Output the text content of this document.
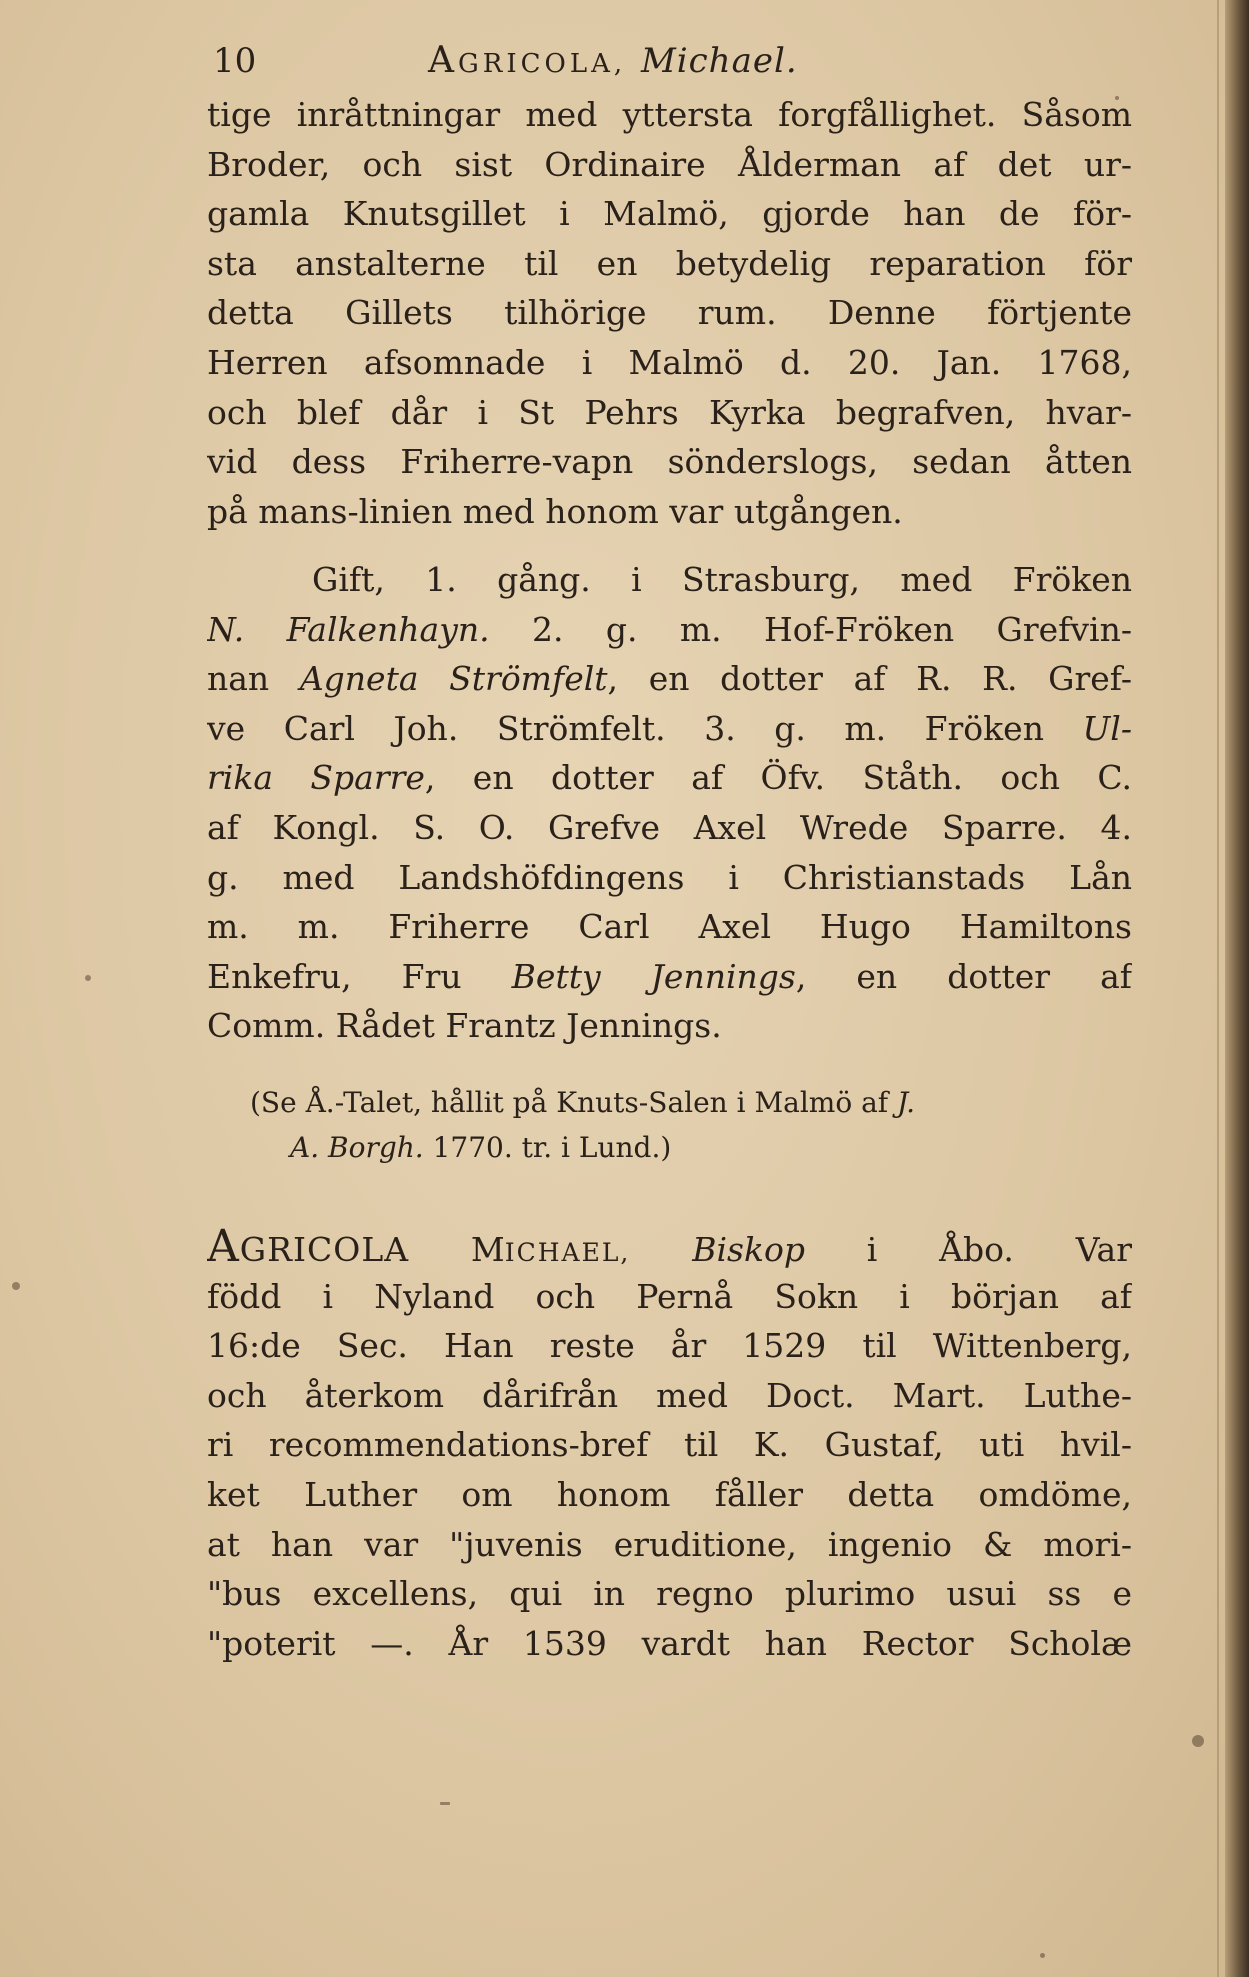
10	AGRICOLA, Michael.
tige inråttningar med yttersta forgfållighet. Såsom
Broder, och sist Ordinaire Ålderman af det ur-
gamla Knutsgillet i Malmö, gjorde han de för-
sta anstalterne til en betydelig reparation för
detta Gillets tilhörige rum. Denne förtjente
Herren afsomnade i Malmö d. 20. Jan. 1768,
och blef dår i St Pehrs Kyrka begrafven, hvar-
vid dess Friherre-vapn sönderslogs, sedan åtten
på mans-linien med honom var utgången.
Gift, 1. gång. i Strasburg, med Fröken
N. Falkenhayn. 2. g. m. Hof-Fröken Grefvin-
nan Agneta Strömfelt, en dotter af R. R. Gref-
ve Carl Joh. Strömfelt. 3. g. m. Fröken Ul-
rika Sparre, en dotter af Öfv. Ståth. och C.
af Kongl. S. O. Grefve Axel Wrede Sparre. 4.
g. med Landshöfdingens i Christianstads Lån
m. m. Friherre Carl Axel Hugo Hamiltons
Enkefru, Fru Betty Jennings, en dotter af
Comm. Rådet Frantz Jennings.
(Se Å.-Talet, hållit på Knuts-Salen i Malmö af J.
A. Borgh. 1770. tr. i Lund.)
AGRICOLA MICHAEL, Biskop i Åbo. Var
född i Nyland och Pernå Sokn i början af
16:de Sec. Han reste år 1529 til Wittenberg,
och återkom dårifrån med Doct. Mart. Luthe-
ri recommendations-bref til K. Gustaf, uti hvil-
ket Luther om honom fåller detta omdöme,
at han var "juvenis eruditione, ingenio & mori-
"bus excellens, qui in regno plurimo usui ss e
"poterit —. År 1539 vardt han Rector Scholæ
